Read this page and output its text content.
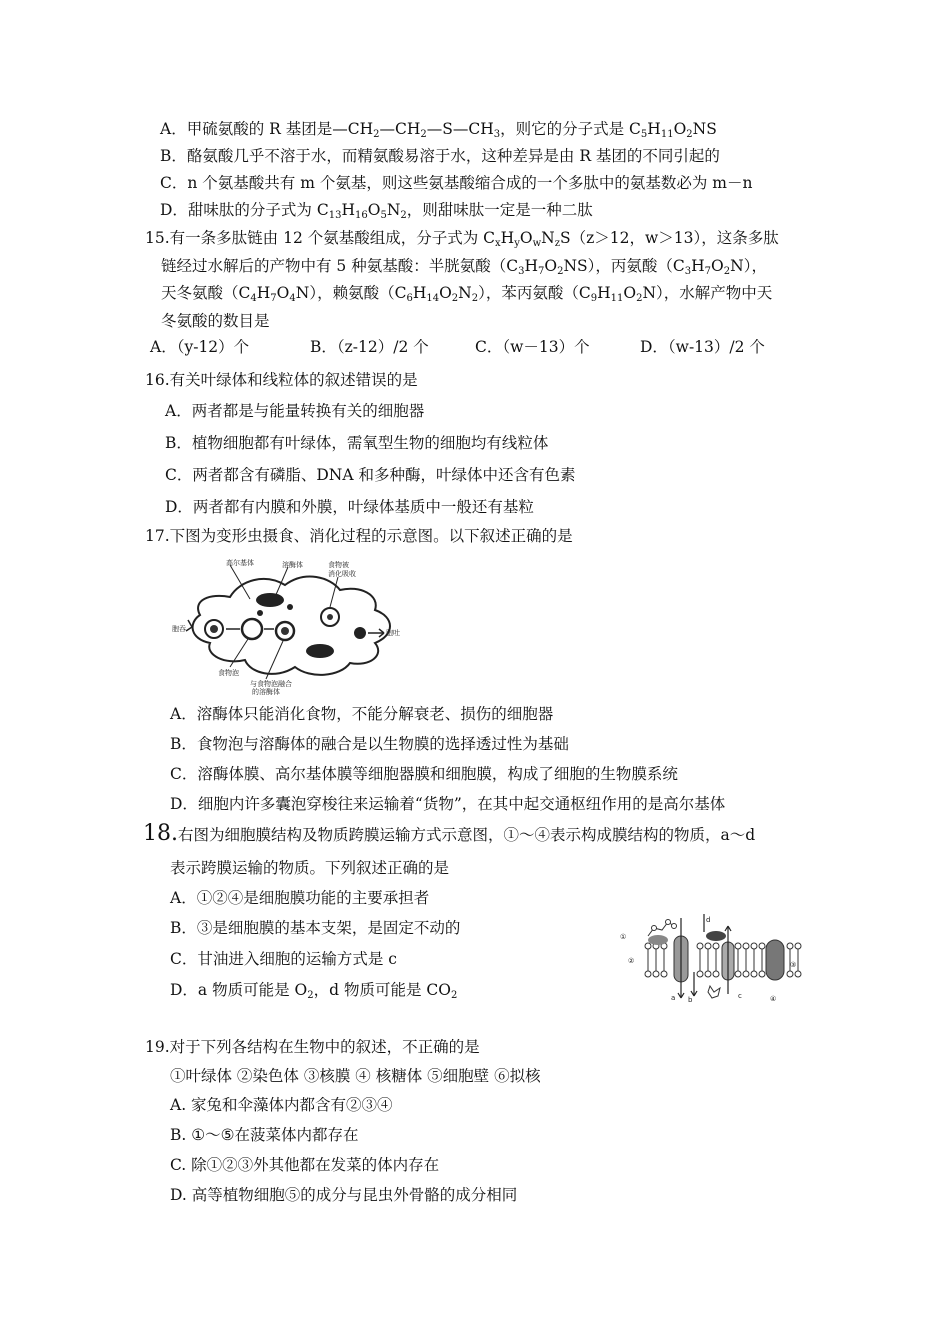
A．甲硫氨酸的 R 基团是$—CH_2—CH_2—S—CH_3$，则它的分子式是 $C_5H_{11}O_2NS$
B．酪氨酸几乎不溶于水，而精氨酸易溶于水，这种差异是由 R 基团的不同引起的
C．n 个氨基酸共有 m 个氨基，则这些氨基酸缩合成的一个多肽中的氨基数必为 m－n
D．甜味肽的分子式为 $C_{13}H_{16}O_5N_2$，则甜味肽一定是一种二肽
15.有一条多肽链由 12 个氨基酸组成，分子式为 $C_xH_yO_wN_zS(z>12$，w＞13），这条多肽
链经过水解后的产物中有 5 种氨基酸：半胱氨酸$(C_3H_7O_2NS)$，丙氨酸$(C_3H_7O_2N)$，
天冬氨酸$(C_4H_7O_4N)$，赖氨酸$(C_6H_{14}O_2N_2)$，苯丙氨酸$(C_9H_{11}O_2N)$，水解产物中天
冬氨酸的数目是
A．（y-12）个	B．（z-12）/2 个	C．（w－13）个	D．（w-13）/2 个
16.有关叶绿体和线粒体的叙述错误的是
A．两者都是与能量转换有关的细胞器
B．植物细胞都有叶绿体，需氧型生物的细胞均有线粒体
C．两者都含有磷脂、DNA 和多种酶，叶绿体中还含有色素
D．两者都有内膜和外膜，叶绿体基质中一般还有基粒
17.下图为变形虫摄食、消化过程的示意图。以下叙述正确的是
高尔基体	溶酶体	食物被
消化吸收
胞吞	胞吐
食物泡
与食物泡融合
的溶酶体
A．溶酶体只能消化食物，不能分解衰老、损伤的细胞器
B．食物泡与溶酶体的融合是以生物膜的选择透过性为基础
C．溶酶体膜、高尔基体膜等细胞器膜和细胞膜，构成了细胞的生物膜系统
D．细胞内许多囊泡穿梭往来运输着“货物”，在其中起交通枢纽作用的是高尔基体
18.右图为细胞膜结构及物质跨膜运输方式示意图，①～④表示构成膜结构的物质，a～d
表示跨膜运输的物质。下列叙述正确的是
A．①②④是细胞膜功能的主要承担者
B．③是细胞膜的基本支架，是固定不动的
C．甘油进入细胞的运输方式是 c
D．a 物质可能是 $O_2$，d 物质可能是 $CO_2$
①
②	③
④
a b	c
d
19.对于下列各结构在生物中的叙述，不正确的是
①叶绿体 ②染色体 ③核膜 ④ 核糖体 ⑤细胞壁 ⑥拟核
A. 家兔和伞藻体内都含有②③④
B. ①～⑤在菠菜体内都存在
C. 除①②③外其他都在发菜的体内存在
D. 高等植物细胞⑤的成分与昆虫外骨骼的成分相同
